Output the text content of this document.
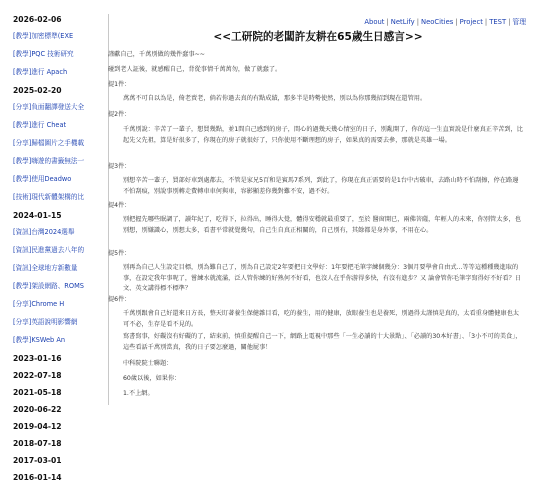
2026-02-06
[教學]加密標準(EXE
[教學]PQC 技術研究
[教學]進行 Apach
2025-02-20
[分享]負面翻譯發送大全
[教學]進行 Cheat
[分享]歸檔圖片之手機載
[教學]嗨遊的書籤無法一
[教學]使用Deadwo
[技術]現代新體架構的比
2024-01-15
[資訊]台灣2024選舉
[資訊]民進黨過去八年的
[資訊]全球地方新數量
[教學]架設網路、ROMS
[分享]Chrome H
[分享]英語說明影響網
[教學]KSWeb An
2023-01-16
2022-07-18
2021-05-18
2020-06-22
2019-04-12
2018-07-18
2017-03-01
2016-01-14
About | NetLify | NeoCities | Project | TEST | 管理
<<工研院的老闆許友耕在65歲生日感言>>
謹獻自己，千萬別做的幾件蠢事~~
碰到老人証後，就感醒自己，背從事情千萬萬勿，做了就蠢了。
提1件：
萬萬不可自以為是，倚老賣老，倘若你過去真的有點成績，那多半是時勢使然，別以為你那幾招到現在還管用。
提2件：
千萬別說：辛苦了一輩子，想買幾點，並1間自己感到的房子，間心的過幾天幾心情室的日子，別亂開了，你的這一生直實說是什麼真正辛苦到，比起先父先祖，算是好很多了，你現在的房子就很好了，只你使用不斷理想的房子，如果真的需要去參，那就是英雄一場。
提3件：
別想辛苦一輩子，買部好車到處都去，不管是家兄5百和是賓馬7系列，到此了，你現在真正需要的是1台中古破車，去路山時不怕刮擦，停在路邊不怕刮痕，別說事別轉走費轉車車何與車，容影顯差你幾對難不安，過不好。
提4件：
別把握先哪些眠調了，讀年紀了，吃得下，拉得出，睡得大覺，體得安穩就最重要了，至於 醫窗開已，兩佛菩薩，年輕人的未來，你別管太多，也別想，別嫌識心，別想太多，看書平常就覺幾句，自己生自真正相關的，自己別有，其餘都是身外事，不用在心。
提5件：
別再為自己人生設定目標，別為難自己了，別為自己設定2年要把日文學好：1年要把毛筆字練個幾分：3個月要學會自由式...等等這種種幾進取的事，在設定我年事呢了，嘗練水就流滿，泛人管你練的好熟何不好看，也沒人在乎你游得多快，有沒有進步？又 論會管你毛筆字寫得好不好看？日文、英文講得標不標準？
提6件：
千萬別跟會自己好還來日方長，整天盯著養生保健雜目看，吃的養生，用的健康，放眼養生也是養死，別過得太謹慎是真的，太看重身體健康也太可不必，生存是看不見的。
寫書寫事，好礙沒有好礙的了，結束前，慎重提醒自己一下，網路上電視中那些「一生必讀的十大景點」、「必讀的30本好書」、「3小不可的美食」，這些看話千萬別當真，我的日子要怎麼過，關他屁事！
中科院院士聯題：
60歲以後，如果你：
1.不上網。
